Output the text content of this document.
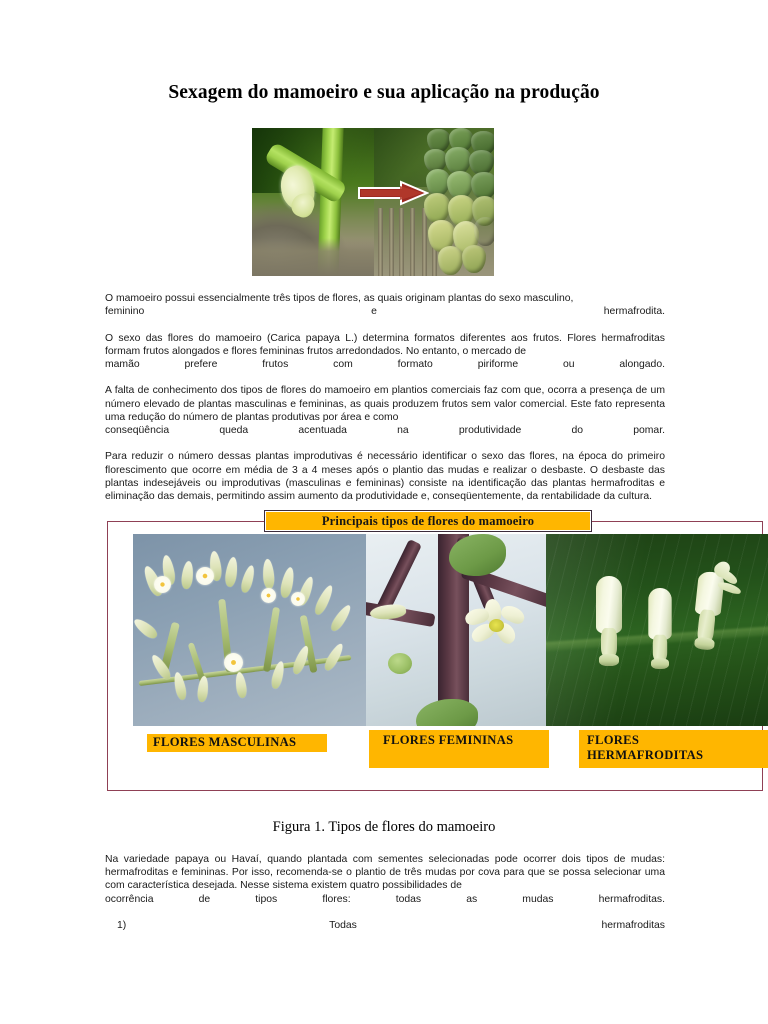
Sexagem do mamoeiro e sua aplicação na produção

O mamoeiro possui essencialmente três tipos de flores, as quais originam plantas do sexo masculino,

feminino	e	hermafrodita.

O sexo das flores do mamoeiro (Carica papaya L.) determina formatos diferentes aos frutos. Flores hermafroditas formam frutos alongados e flores femininas frutos arredondados. No entanto, o mercado de

mamão	prefere	frutos	com	formato	piriforme	ou	alongado.

A falta de conhecimento dos tipos de flores do mamoeiro em plantios comerciais faz com que, ocorra a presença de um número elevado de plantas masculinas e femininas, as quais produzem frutos sem valor comercial. Este fato representa uma redução do número de plantas produtivas por área e como

conseqüência	queda	acentuada	na	produtividade	do	pomar.

Para reduzir o número dessas plantas improdutivas é necessário identificar o sexo das flores, na época do primeiro florescimento que ocorre em média de 3 a 4 meses após o plantio das mudas e realizar o desbaste. O desbaste das plantas indesejáveis ou improdutivas (masculinas e femininas) consiste na identificação das plantas hermafroditas e eliminação das demais, permitindo assim aumento da produtividade e, conseqüentemente, da rentabilidade da cultura.

Principais tipos de flores do mamoeiro
FLORES MASCULINAS	FLORES FEMININAS	FLORES
HERMAFRODITAS
Figura 1. Tipos de flores do mamoeiro

Na variedade papaya ou Havaí, quando plantada com sementes selecionadas pode ocorrer dois tipos de mudas: hermafroditas e femininas. Por isso, recomenda-se o plantio de três mudas por cova para que se possa selecionar uma com característica desejada. Nesse sistema existem quatro possibilidades de

ocorrência	de	tipos	flores:	todas	as	mudas	hermafroditas.

1)	Todas	hermafroditas
